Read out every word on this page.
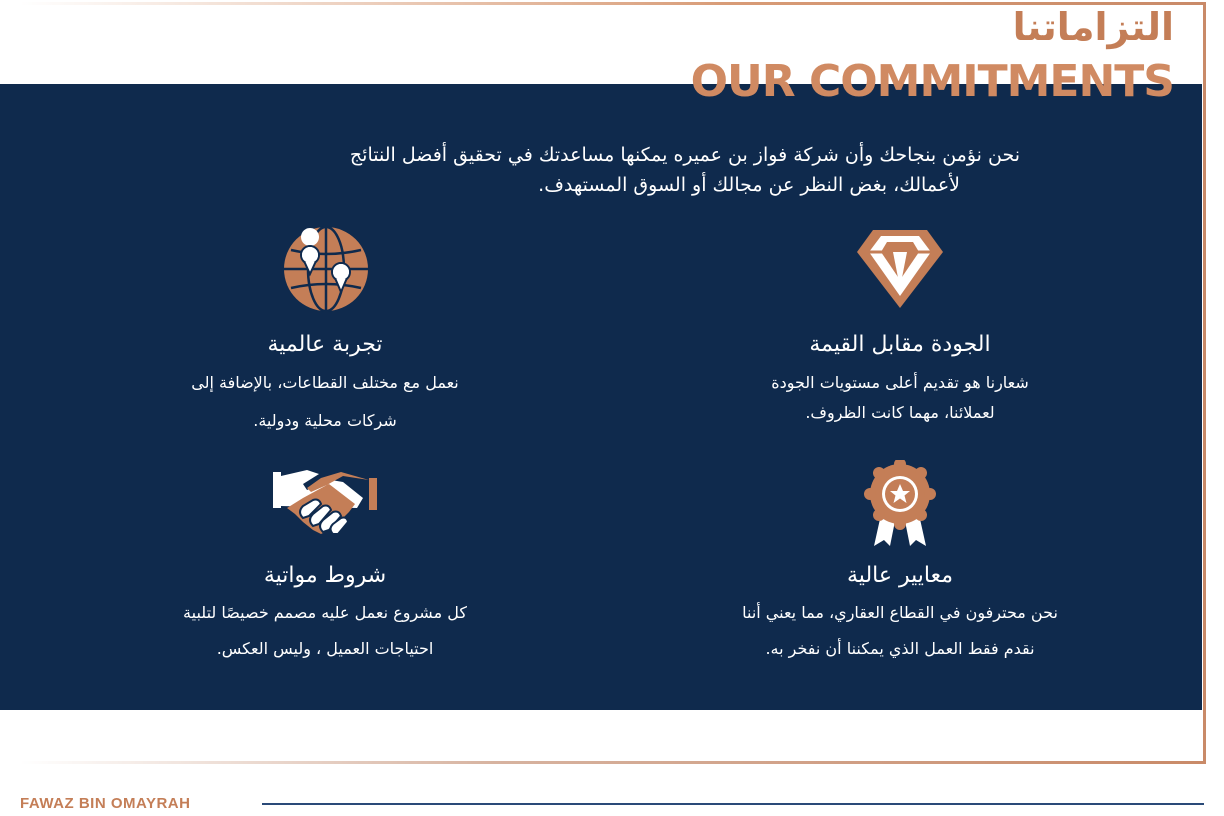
التزاماتنا
OUR COMMITMENTS

نحن نؤمن بنجاحك وأن شركة فواز بن عميره يمكنها مساعدتك في تحقيق أفضل النتائج

لأعمالك، بغض النظر عن مجالك أو السوق المستهدف.

الجودة مقابل القيمة
شعارنا هو تقديم أعلى مستويات الجودة
لعملائنا، مهما كانت الظروف.
تجربة عالمية
نعمل مع مختلف القطاعات، بالإضافة إلى
شركات محلية ودولية.
معايير عالية
نحن محترفون في القطاع العقاري، مما يعني أننا
نقدم فقط العمل الذي يمكننا أن نفخر به.
شروط مواتية
كل مشروع نعمل عليه مصمم خصيصًا لتلبية
احتياجات العميل ، وليس العكس.
FAWAZ BIN OMAYRAH
